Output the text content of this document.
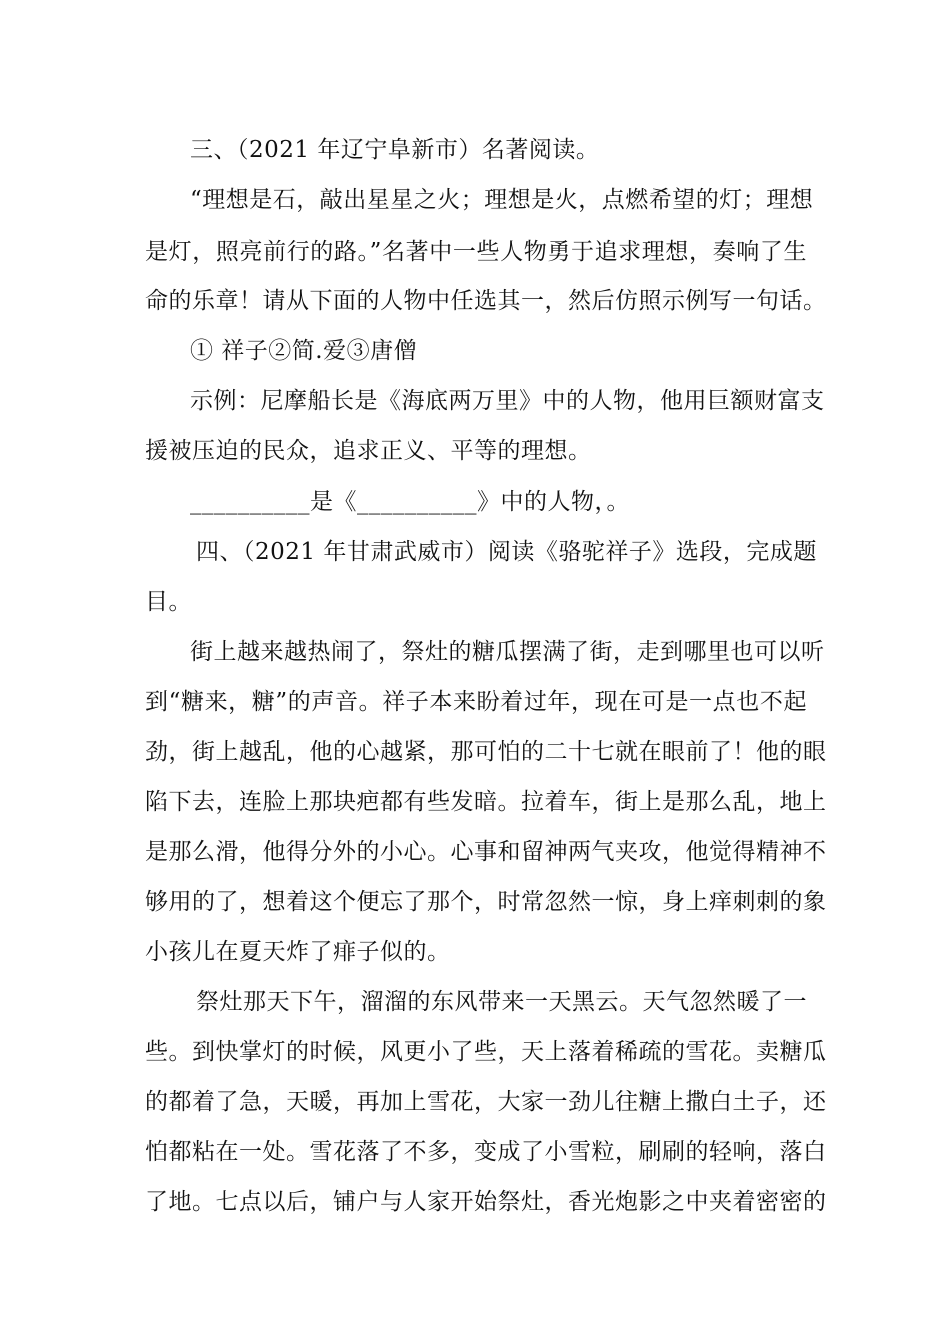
三、（2021 年辽宁阜新市）名著阅读。
“理想是石，敲出星星之火；理想是火，点燃希望的灯；理想
是灯，照亮前行的路。”名著中一些人物勇于追求理想，奏响了生
命的乐章！请从下面的人物中任选其一，然后仿照示例写一句话。
① 祥子②简.爱③唐僧
示例：尼摩船长是《海底两万里》中的人物，他用巨额财富支
援被压迫的民众，追求正义、平等的理想。
__________是《__________》中的人物，。
四、（2021 年甘肃武威市）阅读《骆驼祥子》选段，完成题
目。
街上越来越热闹了，祭灶的糖瓜摆满了街，走到哪里也可以听
到“糖来，糖”的声音。祥子本来盼着过年，现在可是一点也不起
劲，街上越乱，他的心越紧，那可怕的二十七就在眼前了！他的眼
陷下去，连脸上那块疤都有些发暗。拉着车，街上是那么乱，地上
是那么滑，他得分外的小心。心事和留神两气夹攻，他觉得精神不
够用的了，想着这个便忘了那个，时常忽然一惊，身上痒刺刺的象
小孩儿在夏天炸了痱子似的。
祭灶那天下午，溜溜的东风带来一天黑云。天气忽然暖了一
些。到快掌灯的时候，风更小了些，天上落着稀疏的雪花。卖糖瓜
的都着了急，天暖，再加上雪花，大家一劲儿往糖上撒白土子，还
怕都粘在一处。雪花落了不多，变成了小雪粒，刷刷的轻响，落白
了地。七点以后，铺户与人家开始祭灶，香光炮影之中夹着密密的
